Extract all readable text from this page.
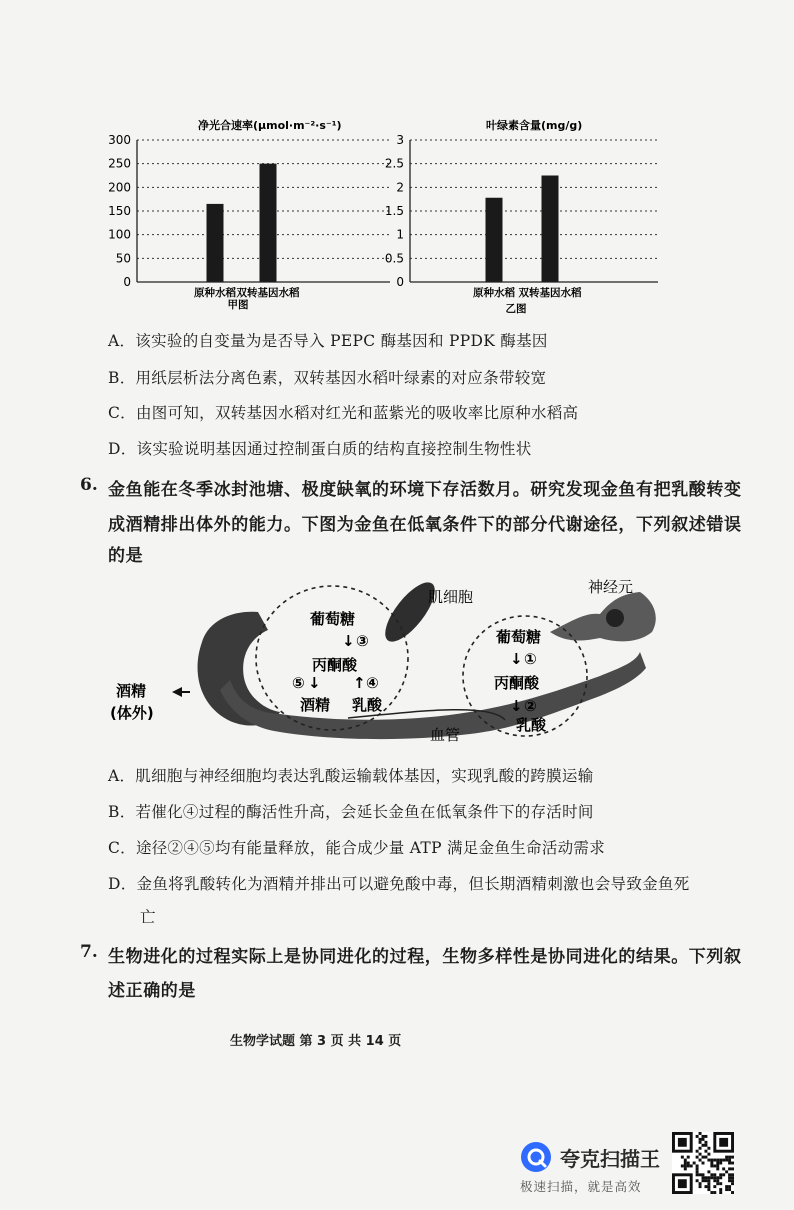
净光合速率(μmol·m⁻²·s⁻¹)
0
50
100
150
200
250
300
原种水稻 双转基因水稻
甲图
叶绿素含量(mg/g)
0
0.5
1
1.5
2
2.5
3
原种水稻 双转基因水稻
乙图
A．该实验的自变量为是否导入 PEPC 酶基因和 PPDK 酶基因
B．用纸层析法分离色素，双转基因水稻叶绿素的对应条带较宽
C．由图可知，双转基因水稻对红光和蓝紫光的吸收率比原种水稻高
D．该实验说明基因通过控制蛋白质的结构直接控制生物性状
6. 金鱼能在冬季冰封池塘、极度缺氧的环境下存活数月。研究发现金鱼有把乳酸转变
成酒精排出体外的能力。下图为金鱼在低氧条件下的部分代谢途径，下列叙述错误
的是
葡萄糖
↓ ③
丙酮酸
⑤ ↓ ↑ ④
酒精 乳酸
葡萄糖
↓ ①
丙酮酸
↓ ②
乳酸
肌细胞
神经元
血管
酒精
(体外)
A．肌细胞与神经细胞均表达乳酸运输载体基因，实现乳酸的跨膜运输
B．若催化④过程的酶活性升高，会延长金鱼在低氧条件下的存活时间
C．途径②④⑤均有能量释放，能合成少量 ATP 满足金鱼生命活动需求
D．金鱼将乳酸转化为酒精并排出可以避免酸中毒，但长期酒精刺激也会导致金鱼死
亡
7. 生物进化的过程实际上是协同进化的过程，生物多样性是协同进化的结果。下列叙
述正确的是
生物学试题 第 3 页 共 14 页
夸克扫描王
极速扫描，就是高效
